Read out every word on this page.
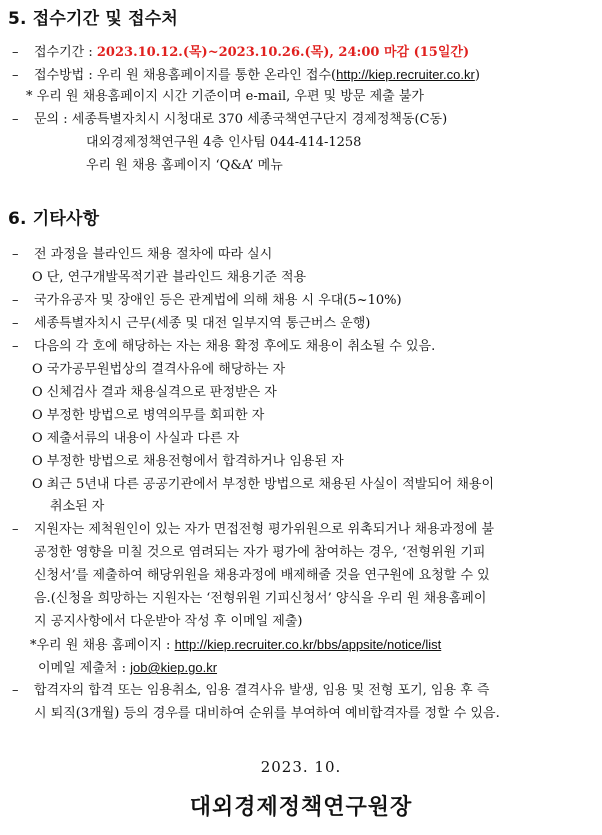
5. 접수기간 및 접수처
– 접수기간 : 2023.10.12.(목)~2023.10.26.(목), 24:00 마감 (15일간)
– 접수방법 : 우리 원 채용홈페이지를 통한 온라인 접수(http://kiep.recruiter.co.kr)
* 우리 원 채용홈페이지 시간 기준이며 e-mail, 우편 및 방문 제출 불가
– 문의 : 세종특별자치시 시청대로 370 세종국책연구단지 경제정책동(C동)
대외경제정책연구원 4층 인사팀 044-414-1258
우리 원 채용 홈페이지 ‘Q&A’ 메뉴
6. 기타사항
– 전 과정을 블라인드 채용 절차에 따라 실시
O 단, 연구개발목적기관 블라인드 채용기준 적용
– 국가유공자 및 장애인 등은 관계법에 의해 채용 시 우대(5~10%)
– 세종특별자치시 근무(세종 및 대전 일부지역 통근버스 운행)
– 다음의 각 호에 해당하는 자는 채용 확정 후에도 채용이 취소될 수 있음.
O 국가공무원법상의 결격사유에 해당하는 자
O 신체검사 결과 채용실격으로 판정받은 자
O 부정한 방법으로 병역의무를 회피한 자
O 제출서류의 내용이 사실과 다른 자
O 부정한 방법으로 채용전형에서 합격하거나 임용된 자
O 최근 5년내 다른 공공기관에서 부정한 방법으로 채용된 사실이 적발되어 채용이
취소된 자
– 지원자는 제척원인이 있는 자가 면접전형 평가위원으로 위촉되거나 채용과정에 불
공정한 영향을 미칠 것으로 염려되는 자가 평가에 참여하는 경우, ‘전형위원 기피
신청서’를 제출하여 해당위원을 채용과정에 배제해줄 것을 연구원에 요청할 수 있
음.(신청을 희망하는 지원자는 ‘전형위원 기피신청서’ 양식을 우리 원 채용홈페이
지 공지사항에서 다운받아 작성 후 이메일 제출)
*우리 원 채용 홈페이지 : http://kiep.recruiter.co.kr/bbs/appsite/notice/list
이메일 제출처 : job@kiep.go.kr
– 합격자의 합격 또는 임용취소, 임용 결격사유 발생, 임용 및 전형 포기, 임용 후 즉
시 퇴직(3개월) 등의 경우를 대비하여 순위를 부여하여 예비합격자를 정할 수 있음.
2023. 10.
대외경제정책연구원장
